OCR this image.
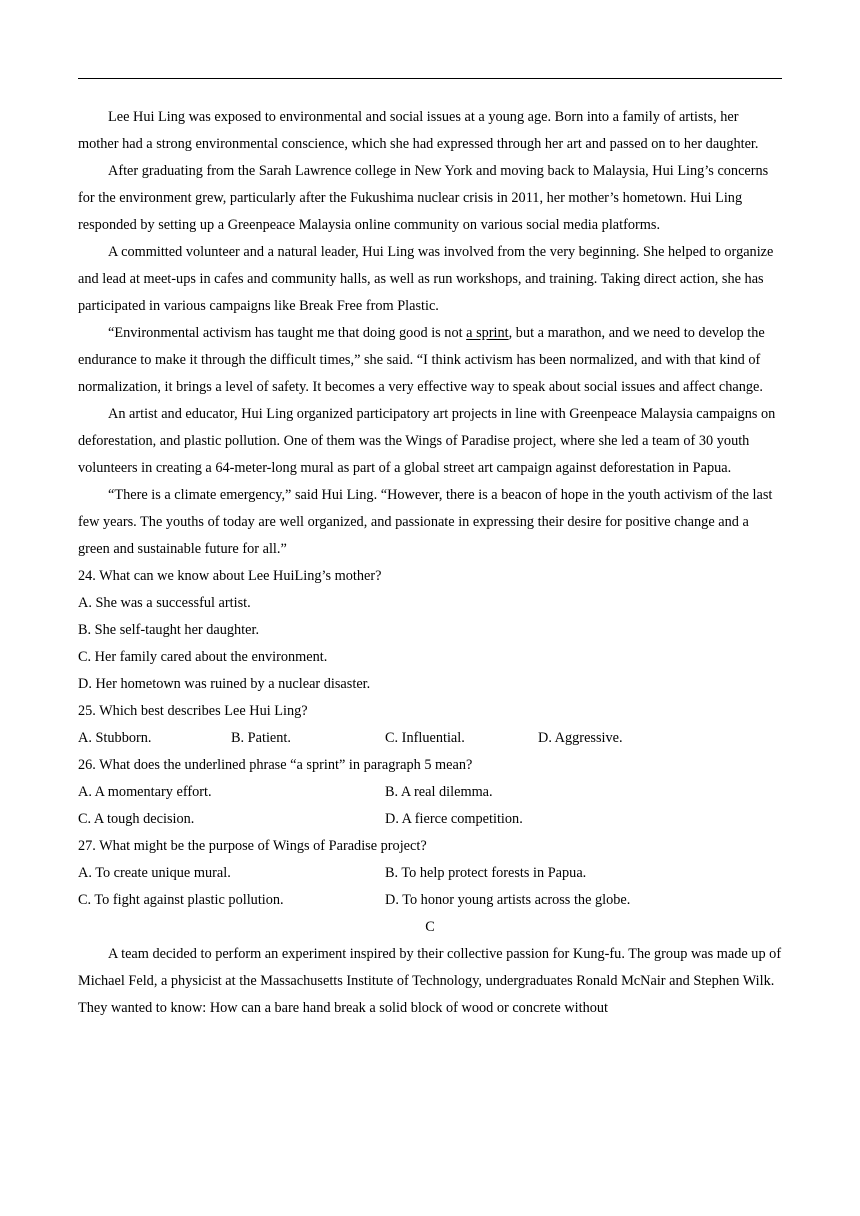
Lee Hui Ling was exposed to environmental and social issues at a young age. Born into a family of artists, her mother had a strong environmental conscience, which she had expressed through her art and passed on to her daughter.

After graduating from the Sarah Lawrence college in New York and moving back to Malaysia, Hui Ling’s concerns for the environment grew, particularly after the Fukushima nuclear crisis in 2011, her mother’s hometown. Hui Ling responded by setting up a Greenpeace Malaysia online community on various social media platforms.

A committed volunteer and a natural leader, Hui Ling was involved from the very beginning. She helped to organize and lead at meet-ups in cafes and community halls, as well as run workshops, and training. Taking direct action, she has participated in various campaigns like Break Free from Plastic.

“Environmental activism has taught me that doing good is not a sprint, but a marathon, and we need to develop the endurance to make it through the difficult times,” she said. “I think activism has been normalized, and with that kind of normalization, it brings a level of safety. It becomes a very effective way to speak about social issues and affect change.

An artist and educator, Hui Ling organized participatory art projects in line with Greenpeace Malaysia campaigns on deforestation, and plastic pollution. One of them was the Wings of Paradise project, where she led a team of 30 youth volunteers in creating a 64-meter-long mural as part of a global street art campaign against deforestation in Papua.

“There is a climate emergency,” said Hui Ling. “However, there is a beacon of hope in the youth activism of the last few years. The youths of today are well organized, and passionate in expressing their desire for positive change and a green and sustainable future for all.”

24. What can we know about Lee HuiLing’s mother?

A. She was a successful artist.

B. She self-taught her daughter.

C. Her family cared about the environment.

D. Her hometown was ruined by a nuclear disaster.

25. Which best describes Lee Hui Ling?

A. Stubborn.	B. Patient.	C. Influential.	D. Aggressive.

26. What does the underlined phrase “a sprint” in paragraph 5 mean?

A. A momentary effort.	B. A real dilemma.
C. A tough decision.	D. A fierce competition.

27. What might be the purpose of Wings of Paradise project?

A. To create unique mural.	B. To help protect forests in Papua.
C. To fight against plastic pollution.	D. To honor young artists across the globe.

C

A team decided to perform an experiment inspired by their collective passion for Kung-fu. The group was made up of Michael Feld, a physicist at the Massachusetts Institute of Technology, undergraduates Ronald McNair and Stephen Wilk. They wanted to know: How can a bare hand break a solid block of wood or concrete without
